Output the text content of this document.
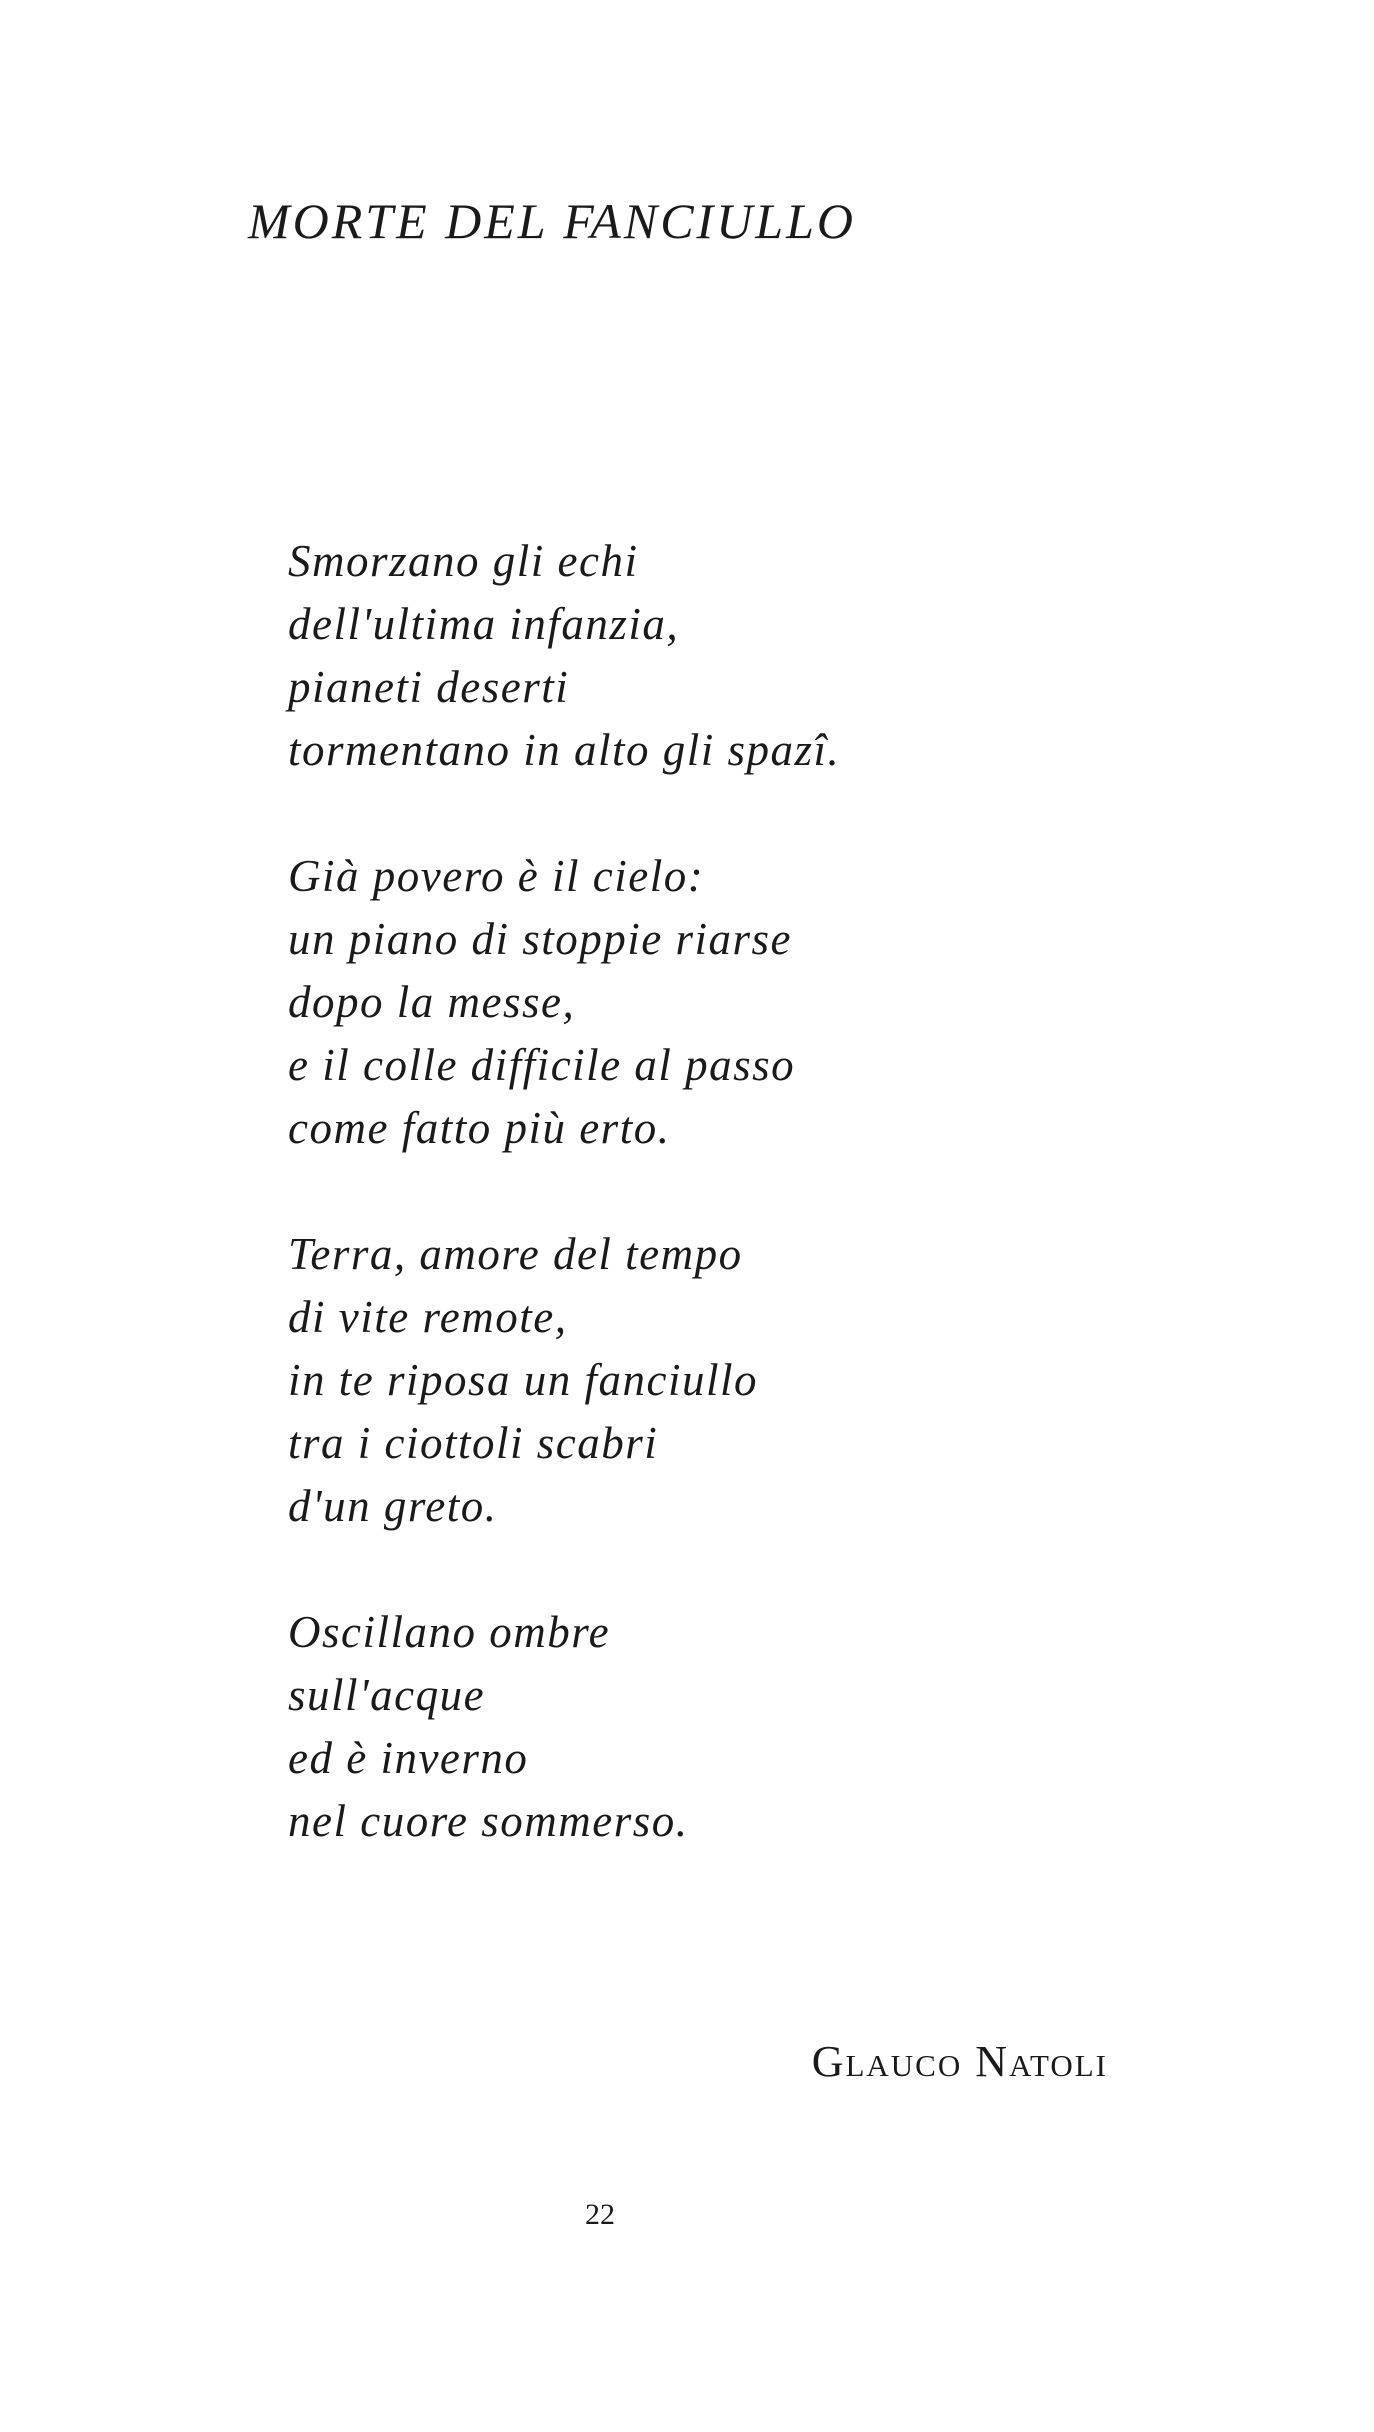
MORTE DEL FANCIULLO
Smorzano gli echi
dell'ultima infanzia,
pianeti deserti
tormentano in alto gli spazî.
Già povero è il cielo:
un piano di stoppie riarse
dopo la messe,
e il colle difficile al passo
come fatto più erto.
Terra, amore del tempo
di vite remote,
in te riposa un fanciullo
tra i ciottoli scabri
d'un greto.
Oscillano ombre
sull'acque
ed è inverno
nel cuore sommerso.
Glauco Natoli
22
